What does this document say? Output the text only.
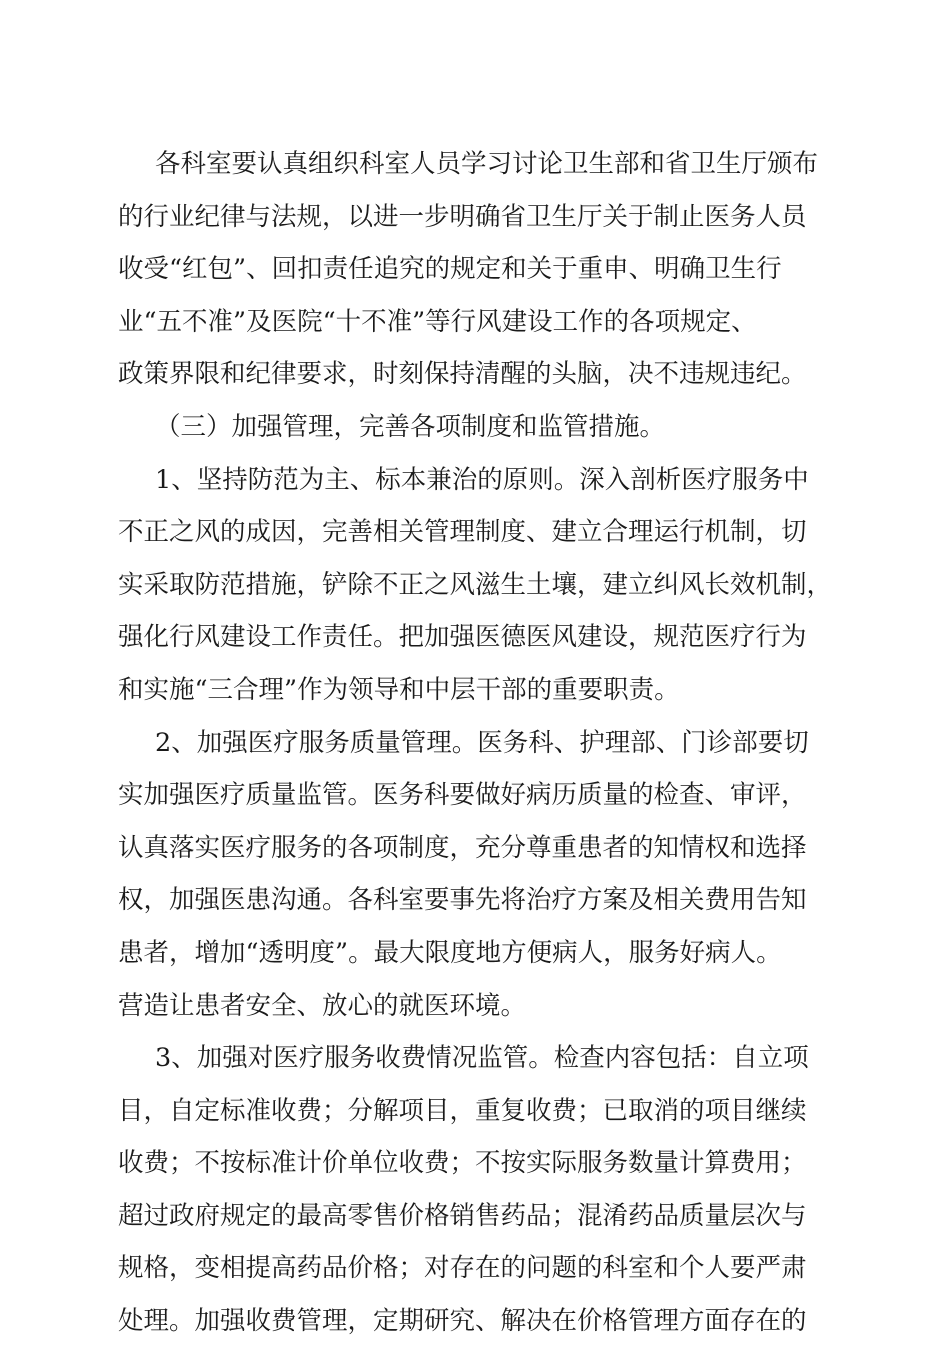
各科室要认真组织科室人员学习讨论卫生部和省卫生厅颁布
的行业纪律与法规，以进一步明确省卫生厅关于制止医务人员
收受“红包”、回扣责任追究的规定和关于重申、明确卫生行
业“五不准”及医院“十不准”等行风建设工作的各项规定、
政策界限和纪律要求，时刻保持清醒的头脑，决不违规违纪。
（三）加强管理，完善各项制度和监管措施。
1、坚持防范为主、标本兼治的原则。深入剖析医疗服务中
不正之风的成因，完善相关管理制度、建立合理运行机制，切
实采取防范措施，铲除不正之风滋生土壤，建立纠风长效机制，
强化行风建设工作责任。把加强医德医风建设，规范医疗行为
和实施“三合理”作为领导和中层干部的重要职责。
2、加强医疗服务质量管理。医务科、护理部、门诊部要切
实加强医疗质量监管。医务科要做好病历质量的检查、审评，
认真落实医疗服务的各项制度，充分尊重患者的知情权和选择
权，加强医患沟通。各科室要事先将治疗方案及相关费用告知
患者，增加“透明度”。最大限度地方便病人，服务好病人。
营造让患者安全、放心的就医环境。
3、加强对医疗服务收费情况监管。检查内容包括：自立项
目，自定标准收费；分解项目，重复收费；已取消的项目继续
收费；不按标准计价单位收费；不按实际服务数量计算费用；
超过政府规定的最高零售价格销售药品；混淆药品质量层次与
规格，变相提高药品价格；对存在的问题的科室和个人要严肃
处理。加强收费管理，定期研究、解决在价格管理方面存在的
